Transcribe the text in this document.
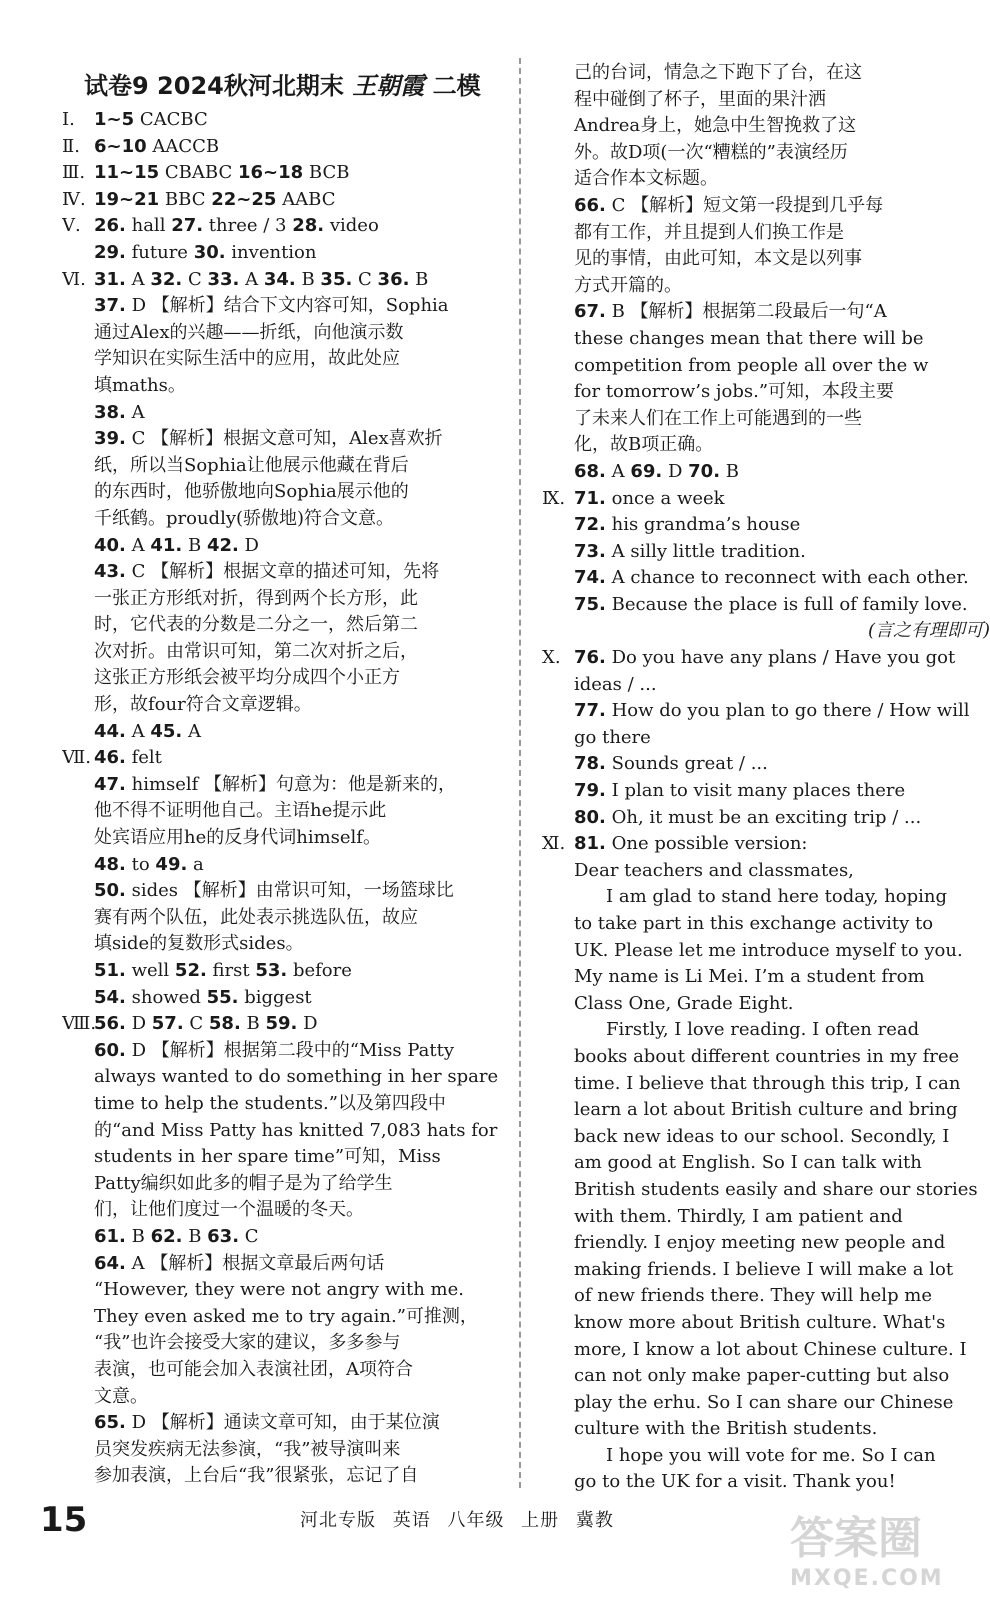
试卷9 2024秋河北期末 王朝霞 二模
Ⅰ. 1~5 CACBC
Ⅱ. 6~10 AACCB
Ⅲ. 11~15 CBABC 16~18 BCB
Ⅳ. 19~21 BBC 22~25 AABC
Ⅴ. 26. hall 27. three / 3 28. video
29. future 30. invention
Ⅵ. 31. A 32. C 33. A 34. B 35. C 36. B
37. D 【解析】结合下文内容可知，Sophia
通过Alex的兴趣——折纸，向他演示数
学知识在实际生活中的应用，故此处应
填maths。
38. A
39. C 【解析】根据文意可知，Alex喜欢折
纸，所以当Sophia让他展示他藏在背后
的东西时，他骄傲地向Sophia展示他的
千纸鹤。proudly(骄傲地)符合文意。
40. A 41. B 42. D
43. C 【解析】根据文章的描述可知，先将
一张正方形纸对折，得到两个长方形，此
时，它代表的分数是二分之一，然后第二
次对折。由常识可知，第二次对折之后，
这张正方形纸会被平均分成四个小正方
形，故four符合文章逻辑。
44. A 45. A
Ⅶ. 46. felt
47. himself 【解析】句意为：他是新来的，
他不得不证明他自己。主语he提示此
处宾语应用he的反身代词himself。
48. to 49. a
50. sides 【解析】由常识可知，一场篮球比
赛有两个队伍，此处表示挑选队伍，故应
填side的复数形式sides。
51. well 52. first 53. before
54. showed 55. biggest
Ⅷ.56. D 57. C 58. B 59. D
60. D 【解析】根据第二段中的“Miss Patty
always wanted to do something in her spare
time to help the students.”以及第四段中
的“and Miss Patty has knitted 7,083 hats for
students in her spare time”可知，Miss
Patty编织如此多的帽子是为了给学生
们，让他们度过一个温暖的冬天。
61. B 62. B 63. C
64. A 【解析】根据文章最后两句话
“However, they were not angry with me.
They even asked me to try again.”可推测，
“我”也许会接受大家的建议，多多参与
表演，也可能会加入表演社团，A项符合
文意。
65. D 【解析】通读文章可知，由于某位演
员突发疾病无法参演，“我”被导演叫来
参加表演，上台后“我”很紧张，忘记了自
己的台词，情急之下跑下了台，在这
程中碰倒了杯子，里面的果汁洒
Andrea身上，她急中生智挽救了这
外。故D项(一次“糟糕的”表演经历
适合作本文标题。
66. C 【解析】短文第一段提到几乎每
都有工作，并且提到人们换工作是
见的事情，由此可知，本文是以列事
方式开篇的。
67. B 【解析】根据第二段最后一句“A
these changes mean that there will be
competition from people all over the w
for tomorrow’s jobs.”可知，本段主要
了未来人们在工作上可能遇到的一些
化，故B项正确。
68. A 69. D 70. B
Ⅸ. 71. once a week
72. his grandma’s house
73. A silly little tradition.
74. A chance to reconnect with each other.
75. Because the place is full of family love.
(言之有理即可)
Ⅹ. 76. Do you have any plans / Have you got
ideas / ...
77. How do you plan to go there / How will
go there
78. Sounds great / ...
79. I plan to visit many places there
80. Oh, it must be an exciting trip / ...
Ⅺ. 81. One possible version:
Dear teachers and classmates,
I am glad to stand here today, hoping
to take part in this exchange activity to
UK. Please let me introduce myself to you.
My name is Li Mei. I’m a student from
Class One, Grade Eight.
Firstly, I love reading. I often read
books about different countries in my free
time. I believe that through this trip, I can
learn a lot about British culture and bring
back new ideas to our school. Secondly, I
am good at English. So I can talk with
British students easily and share our stories
with them. Thirdly, I am patient and
friendly. I enjoy meeting new people and
making friends. I believe I will make a lot
of new friends there. They will help me
know more about British culture. What's
more, I know a lot about Chinese culture. I
can not only make paper-cutting but also
play the erhu. So I can share our Chinese
culture with the British students.
I hope you will vote for me. So I can
go to the UK for a visit. Thank you!
15	河北专版 英语 八年级 上册 冀教	答案圈
MXQE.COM
